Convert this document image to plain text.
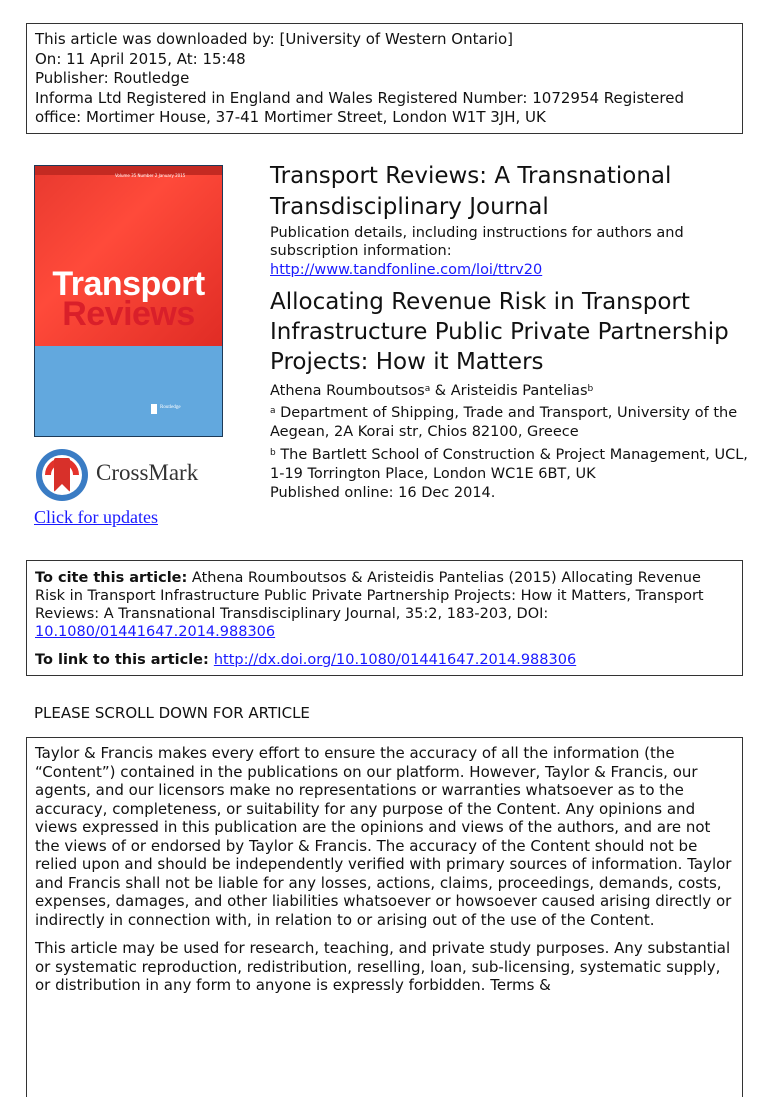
This article was downloaded by: [University of Western Ontario]
On: 11 April 2015, At: 15:48
Publisher: Routledge
Informa Ltd Registered in England and Wales Registered Number: 1072954 Registered office: Mortimer House, 37-41 Mortimer Street, London W1T 3JH, UK
Volume 35 Number 2 January 2015
Transport
Reviews
Routledge
CrossMark
Click for updates
Transport Reviews: A Transnational Transdisciplinary Journal
Publication details, including instructions for authors and subscription information:
http://www.tandfonline.com/loi/ttrv20
Allocating Revenue Risk in Transport Infrastructure Public Private Partnership Projects: How it Matters
Athena Roumboutsos$^a$ & Aristeidis Pantelias$^b$
$^a$ Department of Shipping, Trade and Transport, University of the Aegean, 2A Korai str, Chios 82100, Greece
$^b$ The Bartlett School of Construction & Project Management, UCL, 1-19 Torrington Place, London WC1E 6BT, UK
Published online: 16 Dec 2014.
To cite this article: Athena Roumboutsos & Aristeidis Pantelias (2015) Allocating Revenue Risk in Transport Infrastructure Public Private Partnership Projects: How it Matters, Transport Reviews: A Transnational Transdisciplinary Journal, 35:2, 183-203, DOI: 10.1080/01441647.2014.988306
To link to this article: http://dx.doi.org/10.1080/01441647.2014.988306
PLEASE SCROLL DOWN FOR ARTICLE

Taylor & Francis makes every effort to ensure the accuracy of all the information (the “Content”) contained in the publications on our platform. However, Taylor & Francis, our agents, and our licensors make no representations or warranties whatsoever as to the accuracy, completeness, or suitability for any purpose of the Content. Any opinions and views expressed in this publication are the opinions and views of the authors, and are not the views of or endorsed by Taylor & Francis. The accuracy of the Content should not be relied upon and should be independently verified with primary sources of information. Taylor and Francis shall not be liable for any losses, actions, claims, proceedings, demands, costs, expenses, damages, and other liabilities whatsoever or howsoever caused arising directly or indirectly in connection with, in relation to or arising out of the use of the Content.

This article may be used for research, teaching, and private study purposes. Any substantial or systematic reproduction, redistribution, reselling, loan, sub-licensing, systematic supply, or distribution in any form to anyone is expressly forbidden. Terms &
